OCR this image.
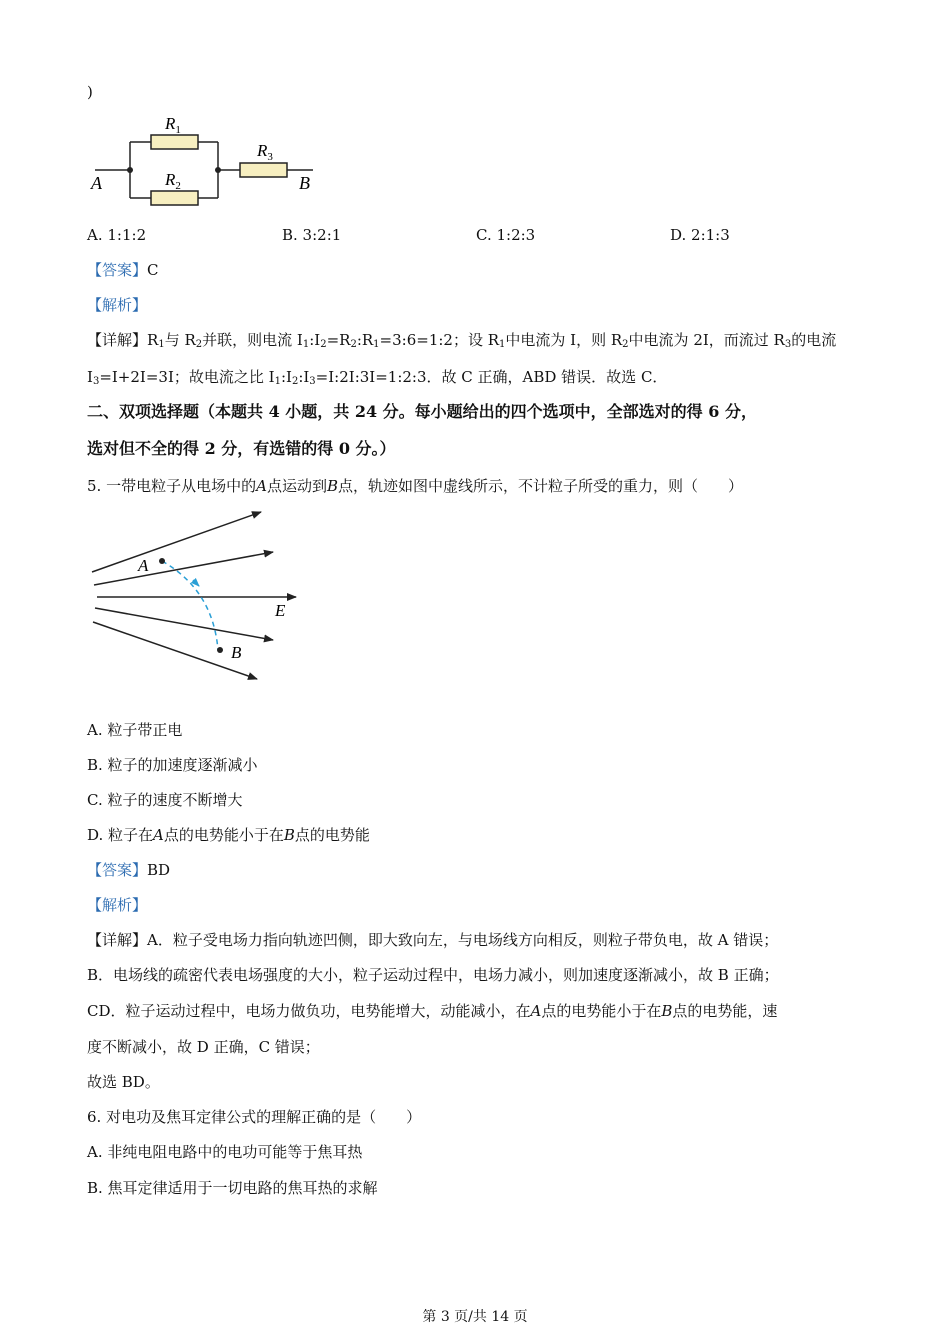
)
$R_1$
$R_2$
$R_3$
A	B
A. 1:1:2	B. 3:2:1	C. 1:2:3	D. 2:1:3
【答案】C
【解析】
【详解】$R_1$与 $R_2$并联，则电流 $I_1:I_2=R_2:R_1=3:6=1:2$；设 $R_1$中电流为 I，则 $R_2$中电流为 2I，而流过 $R_3$的电流
$I_3=I+2I=3I$；故电流之比 $I_1:I_2:I_3=I:2I:3I=1:2:3$．故 C 正确，ABD 错误．故选 C．
二、双项选择题（本题共 4 小题，共 24 分。每小题给出的四个选项中，全部选对的得 6 分，
选对但不全的得 2 分，有选错的得 0 分。）
5. 一带电粒子从电场中的A点运动到B点，轨迹如图中虚线所示，不计粒子所受的重力，则（　　）
A
B
E
A. 粒子带正电
B. 粒子的加速度逐渐减小
C. 粒子的速度不断增大
D. 粒子在A点的电势能小于在B点的电势能
【答案】BD
【解析】
【详解】A．粒子受电场力指向轨迹凹侧，即大致向左，与电场线方向相反，则粒子带负电，故 A 错误；
B．电场线的疏密代表电场强度的大小，粒子运动过程中，电场力减小，则加速度逐渐减小，故 B 正确；
CD．粒子运动过程中，电场力做负功，电势能增大，动能减小，在A点的电势能小于在B点的电势能，速
度不断减小，故 D 正确，C 错误；
故选 BD。
6. 对电功及焦耳定律公式的理解正确的是（　　）
A. 非纯电阻电路中的电功可能等于焦耳热
B. 焦耳定律适用于一切电路的焦耳热的求解
第 3 页/共 14 页
